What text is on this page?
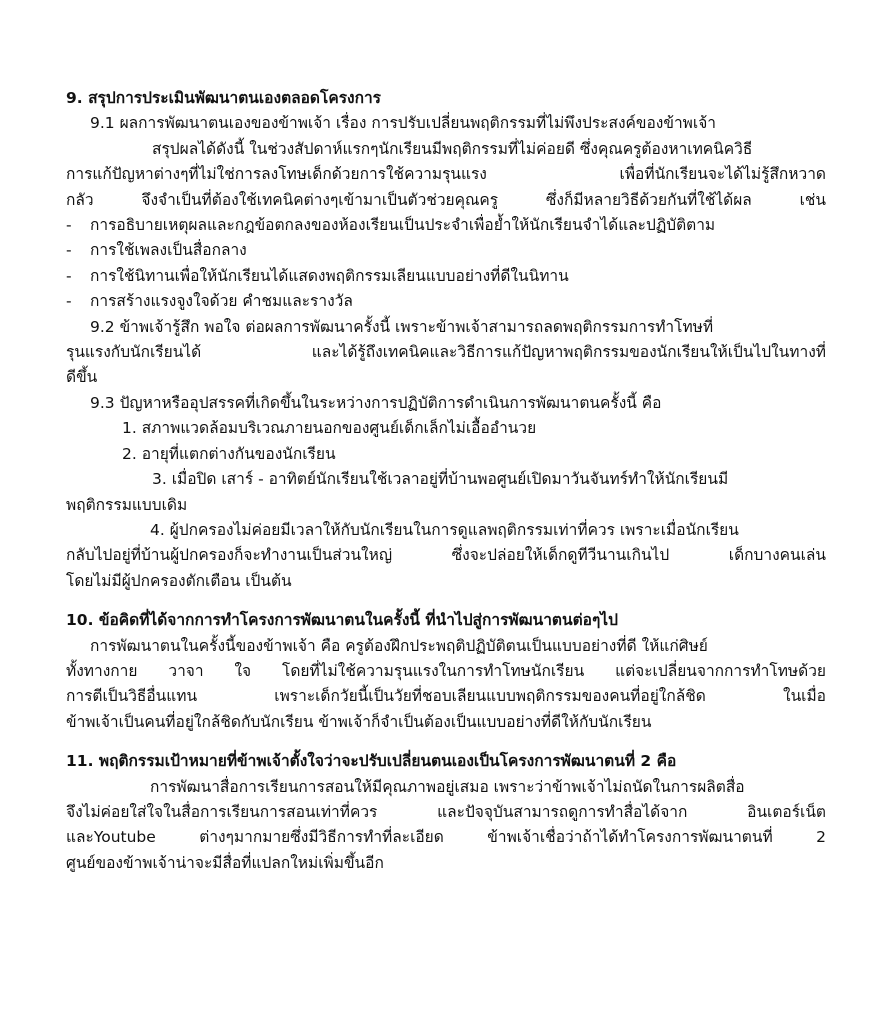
9. สรุปการประเมินพัฒนาตนเองตลอดโครงการ
9.1 ผลการพัฒนาตนเองของข้าพเจ้า เรื่อง การปรับเปลี่ยนพฤติกรรมที่ไม่พึงประสงค์ของข้าพเจ้า
สรุปผลได้ดังนี้ ในช่วงสัปดาห์แรกๆนักเรียนมีพฤติกรรมที่ไม่ค่อยดี ซึ่งคุณครูต้องหาเทคนิควิธี
การแก้ปัญหาต่างๆที่ไม่ใช่การลงโทษเด็กด้วยการใช้ความรุนแรง เพื่อที่นักเรียนจะได้ไม่รู้สึกหวาด
กลัว จึงจำเป็นที่ต้องใช้เทคนิคต่างๆเข้ามาเป็นตัวช่วยคุณครู ซึ่งก็มีหลายวิธีด้วยกันที่ใช้ได้ผล เช่น
-	การอธิบายเหตุผลและกฎข้อตกลงของห้องเรียนเป็นประจำเพื่อย้ำให้นักเรียนจำได้และปฏิบัติตาม
-	การใช้เพลงเป็นสื่อกลาง
-	การใช้นิทานเพื่อให้นักเรียนได้แสดงพฤติกรรมเลียนแบบอย่างที่ดีในนิทาน
-	การสร้างแรงจูงใจด้วย คำชมและรางวัล
9.2 ข้าพเจ้ารู้สึก พอใจ ต่อผลการพัฒนาครั้งนี้ เพราะข้าพเจ้าสามารถลดพฤติกรรมการทำโทษที่
รุนแรงกับนักเรียนได้ และได้รู้ถึงเทคนิคและวิธีการแก้ปัญหาพฤติกรรมของนักเรียนให้เป็นไปในทางที่
ดีขึ้น
9.3 ปัญหาหรืออุปสรรคที่เกิดขึ้นในระหว่างการปฏิบัติการดำเนินการพัฒนาตนครั้งนี้ คือ
1. สภาพแวดล้อมบริเวณภายนอกของศูนย์เด็กเล็กไม่เอื้ออำนวย
2. อายุที่แตกต่างกันของนักเรียน
3. เมื่อปิด เสาร์ - อาทิตย์นักเรียนใช้เวลาอยู่ที่บ้านพอศูนย์เปิดมาวันจันทร์ทำให้นักเรียนมี
พฤติกรรมแบบเดิม
4. ผู้ปกครองไม่ค่อยมีเวลาให้กับนักเรียนในการดูแลพฤติกรรมเท่าที่ควร เพราะเมื่อนักเรียน
กลับไปอยู่ที่บ้านผู้ปกครองก็จะทำงานเป็นส่วนใหญ่ ซึ่งจะปล่อยให้เด็กดูทีวีนานเกินไป เด็กบางคนเล่น
โดยไม่มีผู้ปกครองตักเตือน เป็นต้น
10. ข้อคิดที่ได้จากการทำโครงการพัฒนาตนในครั้งนี้ ที่นำไปสู่การพัฒนาตนต่อๆไป
การพัฒนาตนในครั้งนี้ของข้าพเจ้า คือ ครูต้องฝึกประพฤติปฏิบัติตนเป็นแบบอย่างที่ดี ให้แก่ศิษย์
ทั้งทางกาย วาจา ใจ โดยที่ไม่ใช้ความรุนแรงในการทำโทษนักเรียน แต่จะเปลี่ยนจากการทำโทษด้วย
การตีเป็นวิธีอื่นแทน เพราะเด็กวัยนี้เป็นวัยที่ชอบเลียนแบบพฤติกรรมของคนที่อยู่ใกล้ชิด ในเมื่อ
ข้าพเจ้าเป็นคนที่อยู่ใกล้ชิดกับนักเรียน ข้าพเจ้าก็จำเป็นต้องเป็นแบบอย่างที่ดีให้กับนักเรียน
11. พฤติกรรมเป้าหมายที่ข้าพเจ้าตั้งใจว่าจะปรับเปลี่ยนตนเองเป็นโครงการพัฒนาตนที่ 2 คือ
การพัฒนาสื่อการเรียนการสอนให้มีคุณภาพอยู่เสมอ เพราะว่าข้าพเจ้าไม่ถนัดในการผลิตสื่อ
จึงไม่ค่อยใส่ใจในสื่อการเรียนการสอนเท่าที่ควร และปัจจุบันสามารถดูการทำสื่อได้จาก อินเตอร์เน็ต
และYoutube ต่างๆมากมายซึ่งมีวิธีการทำที่ละเอียด ข้าพเจ้าเชื่อว่าถ้าได้ทำโครงการพัฒนาตนที่ 2
ศูนย์ของข้าพเจ้าน่าจะมีสื่อที่แปลกใหม่เพิ่มขึ้นอีก
